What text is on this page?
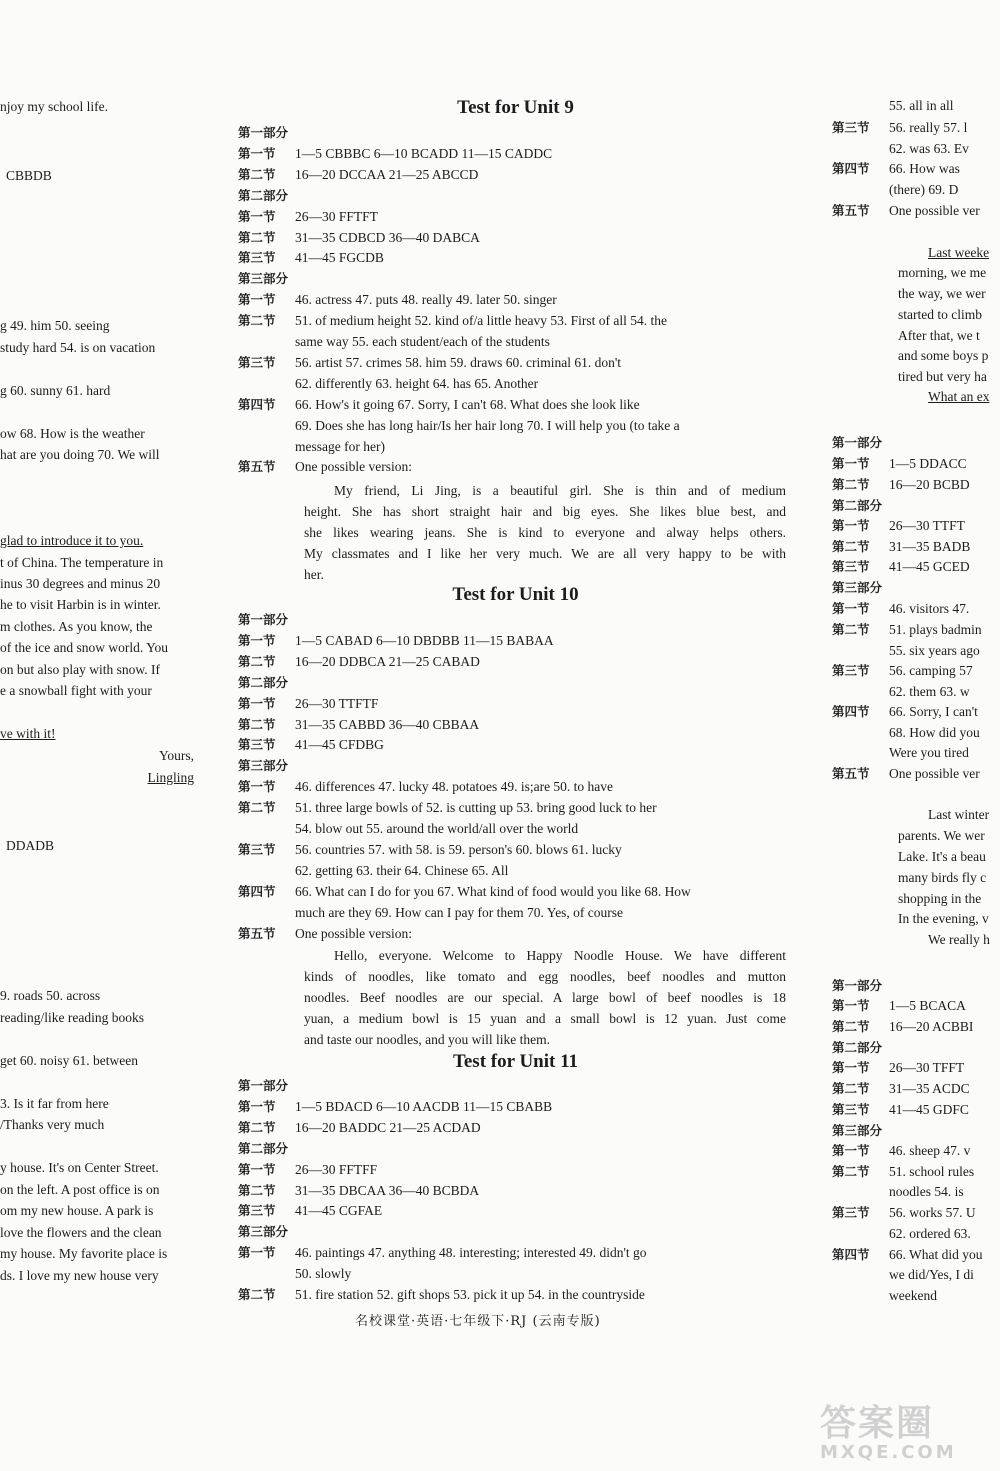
njoy my school life.
CBBDB
g 49. him 50. seeing
study hard 54. is on vacation
g 60. sunny 61. hard
ow 68. How is the weather
hat are you doing 70. We will
glad to introduce it to you.
t of China. The temperature in
inus 30 degrees and minus 20
he to visit Harbin is in winter.
m clothes. As you know, the
of the ice and snow world. You
on but also play with snow. If
e a snowball fight with your
ve with it!
Yours,
Lingling
DDADB
9. roads 50. across
reading/like reading books
get 60. noisy 61. between
3. Is it far from here
/Thanks very much
y house. It's on Center Street.
on the left. A post office is on
om my new house. A park is
love the flowers and the clean
my house. My favorite place is
ds. I love my new house very
Test for Unit 9
第一部分
第一节 1—5 CBBBC 6—10 BCADD 11—15 CADDC
第二节 16—20 DCCAA 21—25 ABCCD
第二部分
第一节 26—30 FFTFT
第二节 31—35 CDBCD 36—40 DABCA
第三节 41—45 FGCDB
第三部分
第一节 46. actress 47. puts 48. really 49. later 50. singer
第二节 51. of medium height 52. kind of/a little heavy 53. First of all 54. the
same way 55. each student/each of the students
第三节 56. artist 57. crimes 58. him 59. draws 60. criminal 61. don't
62. differently 63. height 64. has 65. Another
第四节 66. How's it going 67. Sorry, I can't 68. What does she look like
69. Does she has long hair/Is her hair long 70. I will help you (to take a
message for her)
第五节 One possible version:
My friend, Li Jing, is a beautiful girl. She is thin and of medium
height. She has short straight hair and big eyes. She likes blue best, and
she likes wearing jeans. She is kind to everyone and alway helps others.
My classmates and I like her very much. We are all very happy to be with
her.
Test for Unit 10
第一部分
第一节 1—5 CABAD 6—10 DBDBB 11—15 BABAA
第二节 16—20 DDBCA 21—25 CABAD
第二部分
第一节 26—30 TTFTF
第二节 31—35 CABBD 36—40 CBBAA
第三节 41—45 CFDBG
第三部分
第一节 46. differences 47. lucky 48. potatoes 49. is;are 50. to have
第二节 51. three large bowls of 52. is cutting up 53. bring good luck to her
54. blow out 55. around the world/all over the world
第三节 56. countries 57. with 58. is 59. person's 60. blows 61. lucky
62. getting 63. their 64. Chinese 65. All
第四节 66. What can I do for you 67. What kind of food would you like 68. How
much are they 69. How can I pay for them 70. Yes, of course
第五节 One possible version:
Hello, everyone. Welcome to Happy Noodle House. We have different
kinds of noodles, like tomato and egg noodles, beef noodles and mutton
noodles. Beef noodles are our special. A large bowl of beef noodles is 18
yuan, a medium bowl is 15 yuan and a small bowl is 12 yuan. Just come
and taste our noodles, and you will like them.
Test for Unit 11
第一部分
第一节 1—5 BDACD 6—10 AACDB 11—15 CBABB
第二节 16—20 BADDC 21—25 ACDAD
第二部分
第一节 26—30 FFTFF
第二节 31—35 DBCAA 36—40 BCBDA
第三节 41—45 CGFAE
第三部分
第一节 46. paintings 47. anything 48. interesting; interested 49. didn't go
50. slowly
第二节 51. fire station 52. gift shops 53. pick it up 54. in the countryside
55. all in all
第三节 56. really 57. l
62. was 63. Ev
第四节 66. How was
(there) 69. D
第五节 One possible ver
Last weeke
morning, we me
the way, we wer
started to climb
After that, we t
and some boys p
tired but very ha
What an ex
第一部分
第一节 1—5 DDACC
第二节 16—20 BCBD
第二部分
第一节 26—30 TTFT
第二节 31—35 BADB
第三节 41—45 GCED
第三部分
第一节 46. visitors 47.
第二节 51. plays badmin
55. six years ago
第三节 56. camping 57
62. them 63. w
第四节 66. Sorry, I can't
68. How did you
Were you tired
第五节 One possible ver
Last winter
parents. We wer
Lake. It's a beau
many birds fly c
shopping in the
In the evening, v
We really h
第一部分
第一节 1—5 BCACA
第二节 16—20 ACBBI
第二部分
第一节 26—30 TFFT
第二节 31—35 ACDC
第三节 41—45 GDFC
第三部分
第一节 46. sheep 47. v
第二节 51. school rules
noodles 54. is
第三节 56. works 57. U
62. ordered 63.
第四节 66. What did you
we did/Yes, I di
weekend
名校课堂·英语·七年级下·RJ (云南专版)
答案圈
MXQE.COM
